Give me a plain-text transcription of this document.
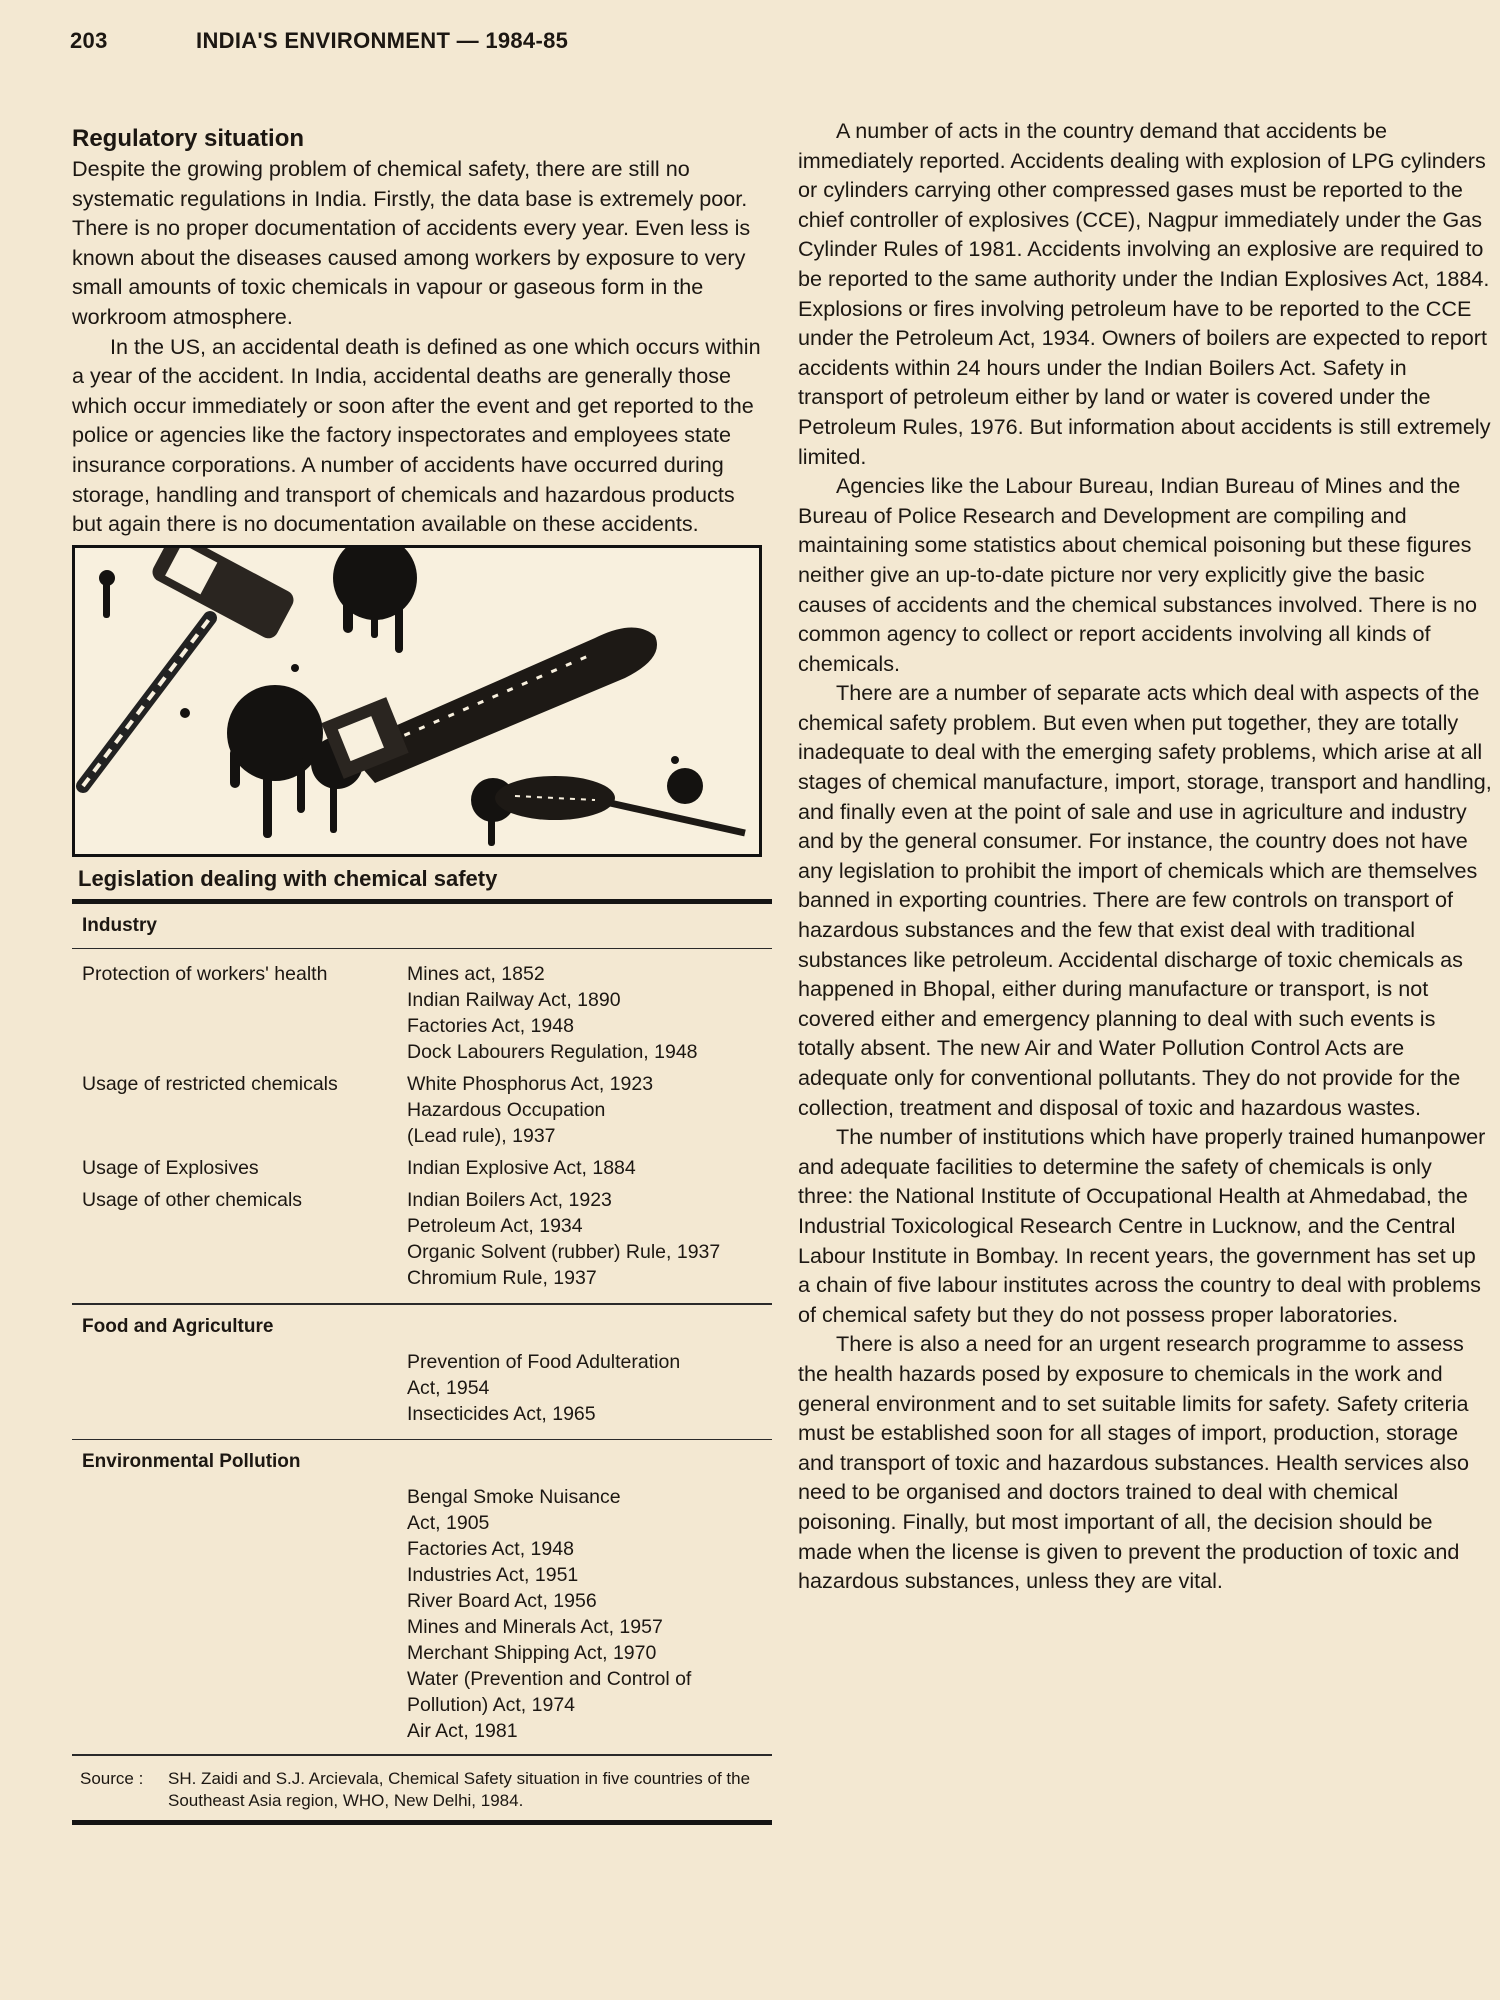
203	INDIA'S ENVIRONMENT — 1984-85
Regulatory situation

Despite the growing problem of chemical safety, there are still no systematic regulations in India. Firstly, the data base is extremely poor. There is no proper documentation of accidents every year. Even less is known about the diseases caused among workers by exposure to very small amounts of toxic chemicals in vapour or gaseous form in the workroom atmosphere.

In the US, an accidental death is defined as one which occurs within a year of the accident. In India, accidental deaths are generally those which occur immediately or soon after the event and get reported to the police or agencies like the factory inspectorates and employees state insurance corporations. A number of accidents have occurred during storage, handling and transport of chemicals and hazardous products but again there is no documentation available on these accidents.

Legislation dealing with chemical safety
Industry
Protection of workers' health	Mines act, 1852
Indian Railway Act, 1890
Factories Act, 1948
Dock Labourers Regulation, 1948
Usage of restricted chemicals	White Phosphorus Act, 1923
Hazardous Occupation
(Lead rule), 1937
Usage of Explosives	Indian Explosive Act, 1884
Usage of other chemicals	Indian Boilers Act, 1923
Petroleum Act, 1934
Organic Solvent (rubber) Rule, 1937
Chromium Rule, 1937
Food and Agriculture
Prevention of Food Adulteration
Act, 1954
Insecticides Act, 1965
Environmental Pollution
Bengal Smoke Nuisance
Act, 1905
Factories Act, 1948
Industries Act, 1951
River Board Act, 1956
Mines and Minerals Act, 1957
Merchant Shipping Act, 1970
Water (Prevention and Control of
Pollution) Act, 1974
Air Act, 1981
Source :	SH. Zaidi and S.J. Arcievala, Chemical Safety situation in five countries of the Southeast Asia region, WHO, New Delhi, 1984.

A number of acts in the country demand that accidents be immediately reported. Accidents dealing with explosion of LPG cylinders or cylinders carrying other compressed gases must be reported to the chief controller of explosives (CCE), Nagpur immediately under the Gas Cylinder Rules of 1981. Accidents involving an explosive are required to be reported to the same authority under the Indian Explosives Act, 1884. Explosions or fires involving petroleum have to be reported to the CCE under the Petroleum Act, 1934. Owners of boilers are expected to report accidents within 24 hours under the Indian Boilers Act. Safety in transport of petroleum either by land or water is covered under the Petroleum Rules, 1976. But information about accidents is still extremely limited.

Agencies like the Labour Bureau, Indian Bureau of Mines and the Bureau of Police Research and Development are compiling and maintaining some statistics about chemical poisoning but these figures neither give an up-to-date picture nor very explicitly give the basic causes of accidents and the chemical substances involved. There is no common agency to collect or report accidents involving all kinds of chemicals.

There are a number of separate acts which deal with aspects of the chemical safety problem. But even when put together, they are totally inadequate to deal with the emerging safety problems, which arise at all stages of chemical manufacture, import, storage, transport and handling, and finally even at the point of sale and use in agriculture and industry and by the general consumer. For instance, the country does not have any legislation to prohibit the import of chemicals which are themselves banned in exporting countries. There are few controls on transport of hazardous substances and the few that exist deal with traditional substances like petroleum. Accidental discharge of toxic chemicals as happened in Bhopal, either during manufacture or transport, is not covered either and emergency planning to deal with such events is totally absent. The new Air and Water Pollution Control Acts are adequate only for conventional pollutants. They do not provide for the collection, treatment and disposal of toxic and hazardous wastes.

The number of institutions which have properly trained humanpower and adequate facilities to determine the safety of chemicals is only three: the National Institute of Occupational Health at Ahmedabad, the Industrial Toxicological Research Centre in Lucknow, and the Central Labour Institute in Bombay. In recent years, the government has set up a chain of five labour institutes across the country to deal with problems of chemical safety but they do not possess proper laboratories.

There is also a need for an urgent research programme to assess the health hazards posed by exposure to chemicals in the work and general environment and to set suitable limits for safety. Safety criteria must be established soon for all stages of import, production, storage and transport of toxic and hazardous substances. Health services also need to be organised and doctors trained to deal with chemical poisoning. Finally, but most important of all, the decision should be made when the license is given to prevent the production of toxic and hazardous substances, unless they are vital.
